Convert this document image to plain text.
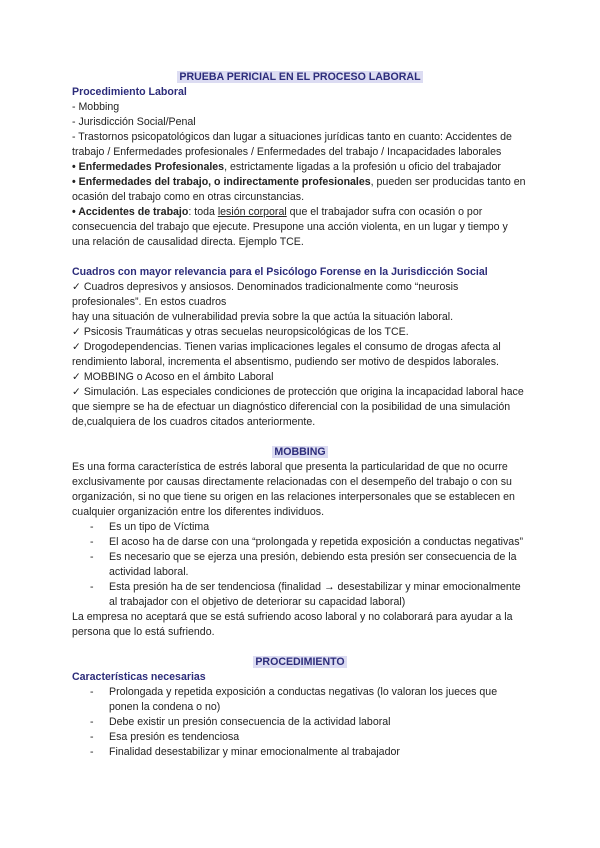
PRUEBA PERICIAL EN EL PROCESO LABORAL

Procedimiento Laboral

- Mobbing

- Jurisdicción Social/Penal

- Trastornos psicopatológicos dan lugar a situaciones jurídicas tanto en cuanto: Accidentes de trabajo / Enfermedades profesionales / Enfermedades del trabajo / Incapacidades laborales

• Enfermedades Profesionales, estrictamente ligadas a la profesión u oficio del trabajador

• Enfermedades del trabajo, o indirectamente profesionales, pueden ser producidas tanto en ocasión del trabajo como en otras circunstancias.

• Accidentes de trabajo: toda lesión corporal que el trabajador sufra con ocasión o por consecuencia del trabajo que ejecute. Presupone una acción violenta, en un lugar y tiempo y una relación de causalidad directa. Ejemplo TCE.

Cuadros con mayor relevancia para el Psicólogo Forense en la Jurisdicción Social

✓ Cuadros depresivos y ansiosos. Denominados tradicionalmente como “neurosis profesionales”. En estos cuadros

hay una situación de vulnerabilidad previa sobre la que actúa la situación laboral.

✓ Psicosis Traumáticas y otras secuelas neuropsicológicas de los TCE.

✓ Drogodependencias. Tienen varias implicaciones legales el consumo de drogas afecta al rendimiento laboral, incrementa el absentismo, pudiendo ser motivo de despidos laborales.

✓ MOBBING o Acoso en el ámbito Laboral

✓ Simulación. Las especiales condiciones de protección que origina la incapacidad laboral hace que siempre se ha de efectuar un diagnóstico diferencial con la posibilidad de una simulación de,cualquiera de los cuadros citados anteriormente.

MOBBING

Es una forma característica de estrés laboral que presenta la particularidad de que no ocurre exclusivamente por causas directamente relacionadas con el desempeño del trabajo o con su organización, si no que tiene su origen en las relaciones interpersonales que se establecen en cualquier organización entre los diferentes individuos.

- Es un tipo de Víctima
- El acoso ha de darse con una “prolongada y repetida exposición a conductas negativas”
- Es necesario que se ejerza una presión, debiendo esta presión ser consecuencia de la actividad laboral.
- Esta presión ha de ser tendenciosa (finalidad → desestabilizar y minar emocionalmente al trabajador con el objetivo de deteriorar su capacidad laboral)

La empresa no aceptará que se está sufriendo acoso laboral y no colaborará para ayudar a la persona que lo está sufriendo.

PROCEDIMIENTO

Características necesarias

- Prolongada y repetida exposición a conductas negativas (lo valoran los jueces que ponen la condena o no)
- Debe existir un presión consecuencia de la actividad laboral
- Esa presión es tendenciosa
- Finalidad desestabilizar y minar emocionalmente al trabajador
